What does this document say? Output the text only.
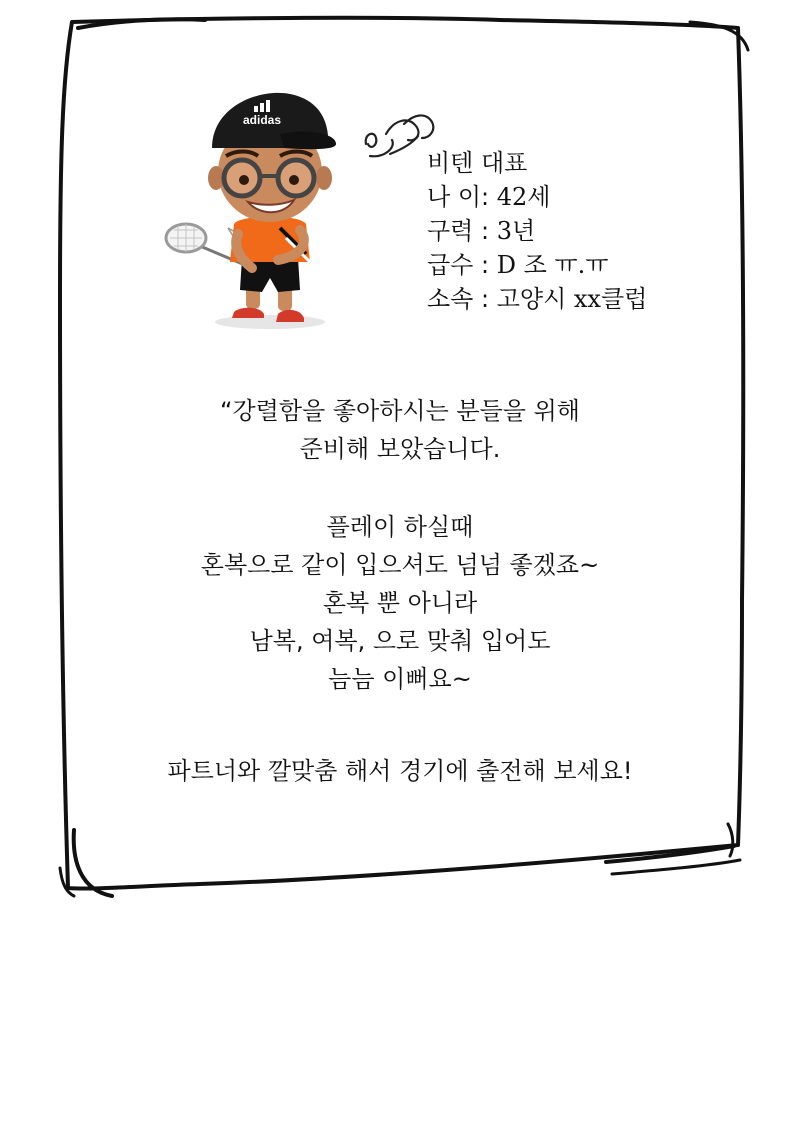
adidas
비텐 대표
나 이: 42세
구력 : 3년
급수 : D 조 ㅠ.ㅠ
소속 : 고양시 xx클럽
“강렬함을 좋아하시는 분들을 위해
준비해 보았습니다.
플레이 하실때
혼복으로 같이 입으셔도 넘넘 좋겠죠~
혼복 뿐 아니라
남복, 여복, 으로 맞춰 입어도
늠늠 이뻐요~
파트너와 깔맞춤 해서 경기에 출전해 보세요!
